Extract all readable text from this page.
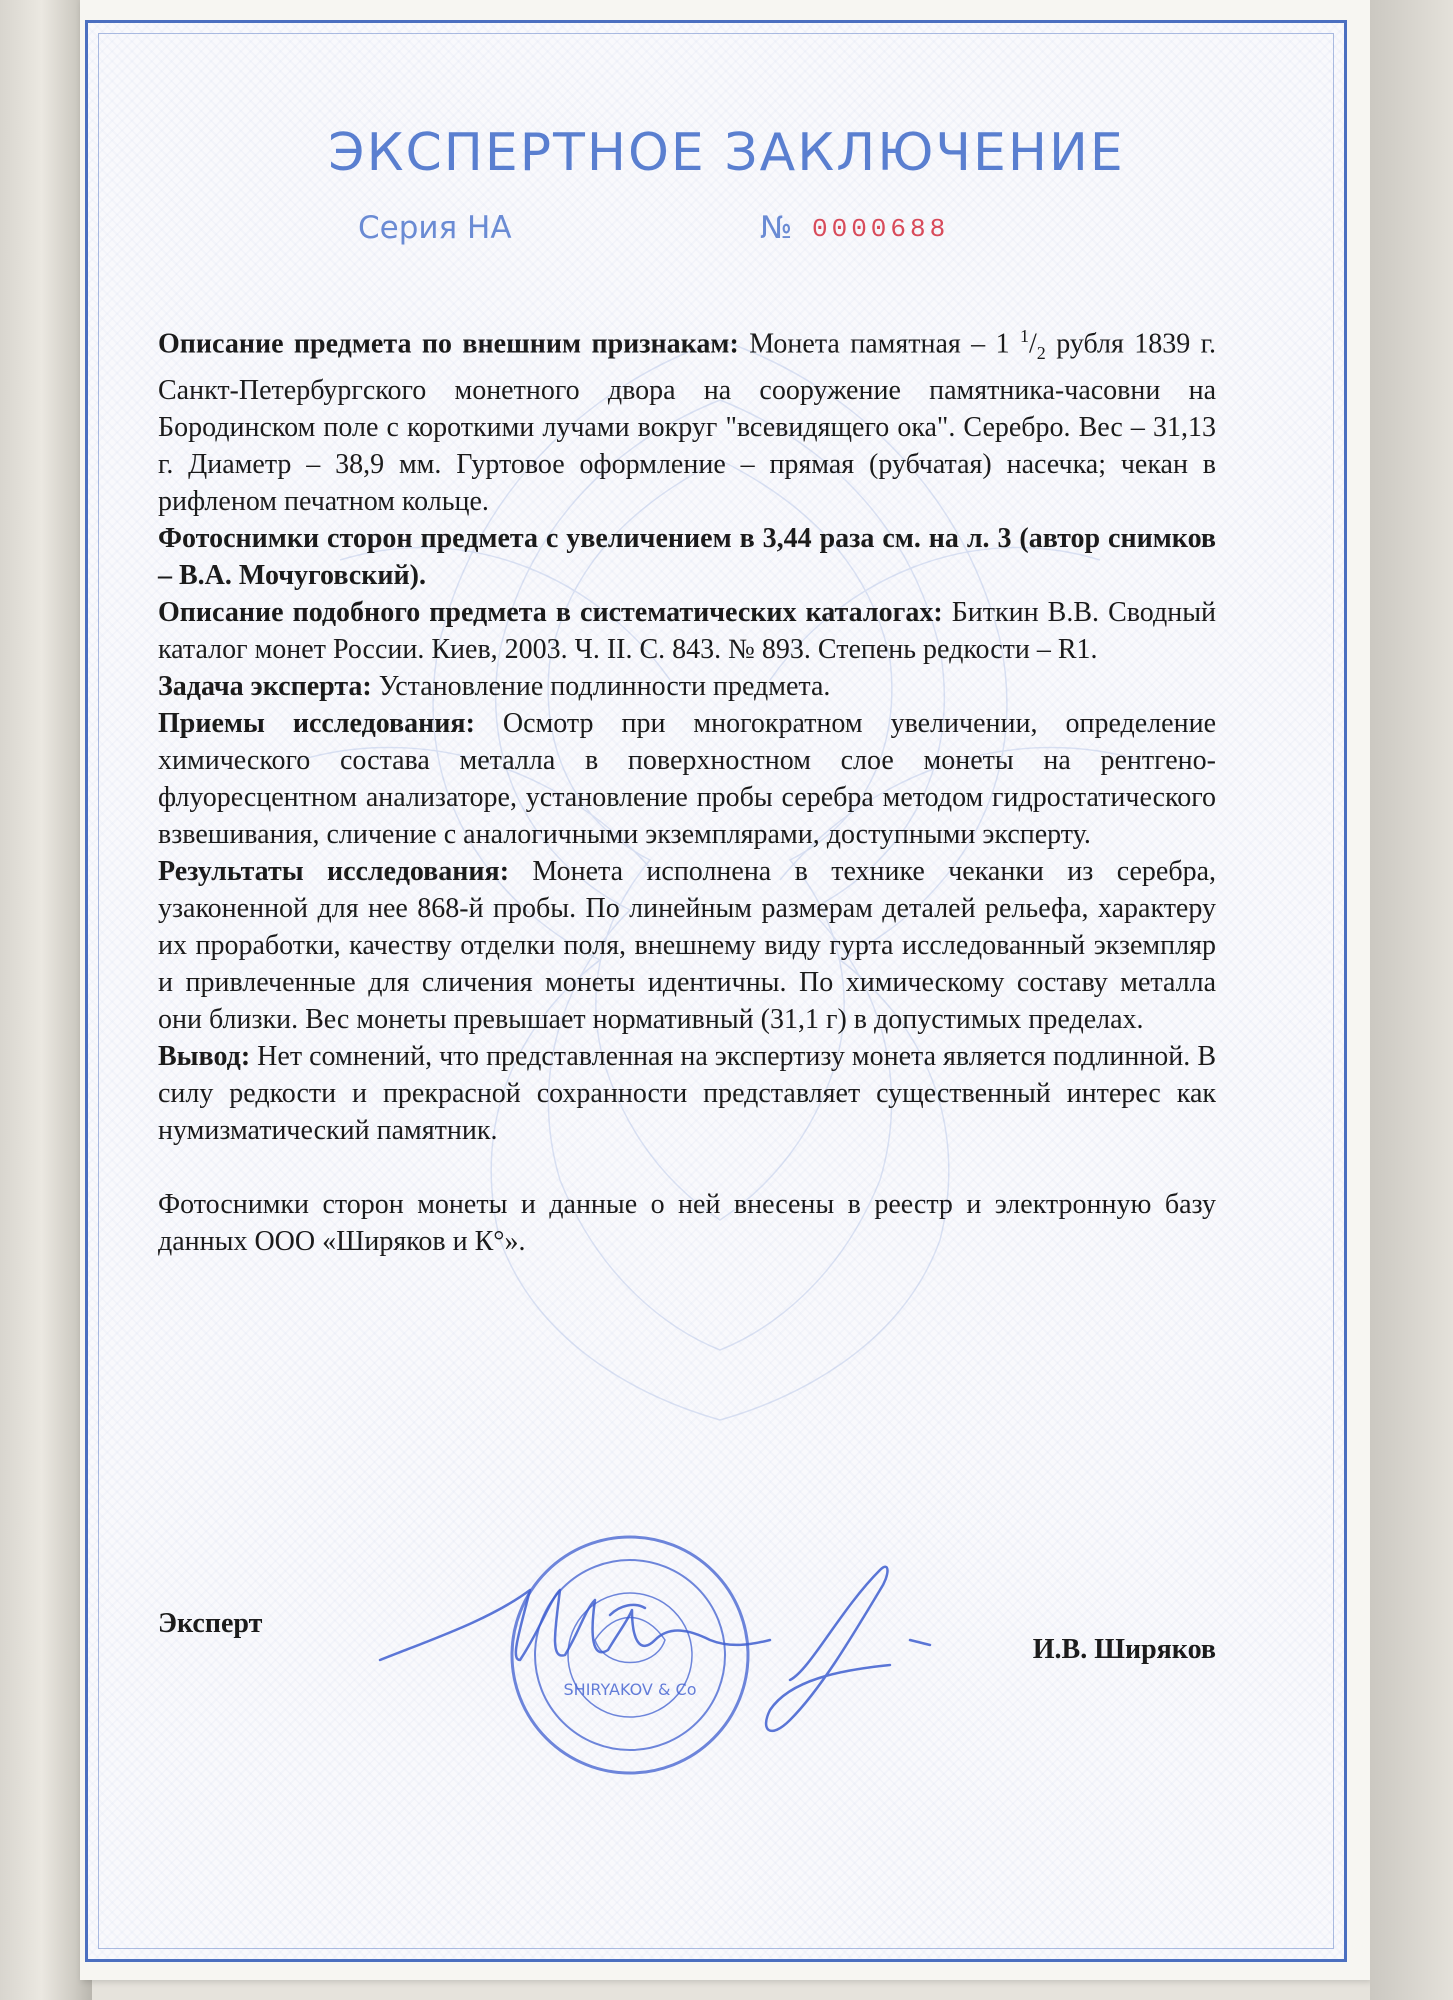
ЭКСПЕРТНОЕ ЗАКЛЮЧЕНИЕ
Серия НА	№ 0000688

Описание предмета по внешним признакам: Монета памятная – 1 $^1/_2$ рубля 1839 г. Санкт-Петербургского монетного двора на сооружение памятника-часовни на Бородинском поле с короткими лучами вокруг "всевидящего ока". Серебро. Вес – 31,13 г. Диаметр – 38,9 мм. Гуртовое оформление – прямая (рубчатая) насечка; чекан в рифленом печатном кольце.

Фотоснимки сторон предмета с увеличением в 3,44 раза см. на л. 3 (автор снимков – В.А. Мочуговский).

Описание подобного предмета в систематических каталогах: Биткин В.В. Сводный каталог монет России. Киев, 2003. Ч. II. С. 843. № 893. Степень редкости – R1.

Задача эксперта: Установление подлинности предмета.

Приемы исследования: Осмотр при многократном увеличении, определение химического состава металла в поверхностном слое монеты на рентгено-флуоресцентном анализаторе, установление пробы серебра методом гидростатического взвешивания, сличение с аналогичными экземплярами, доступными эксперту.

Результаты исследования: Монета исполнена в технике чеканки из серебра, узаконенной для нее 868-й пробы. По линейным размерам деталей рельефа, характеру их проработки, качеству отделки поля, внешнему виду гурта исследованный экземпляр и привлеченные для сличения монеты идентичны. По химическому составу металла они близки. Вес монеты превышает нормативный (31,1 г) в допустимых пределах.

Вывод: Нет сомнений, что представленная на экспертизу монета является подлинной. В силу редкости и прекрасной сохранности представляет существенный интерес как нумизматический памятник.

Фотоснимки сторон монеты и данные о ней внесены в реестр и электронную базу данных ООО «Ширяков и К°».

SHIRYAKOV & Co
Эксперт
И.В. Ширяков
